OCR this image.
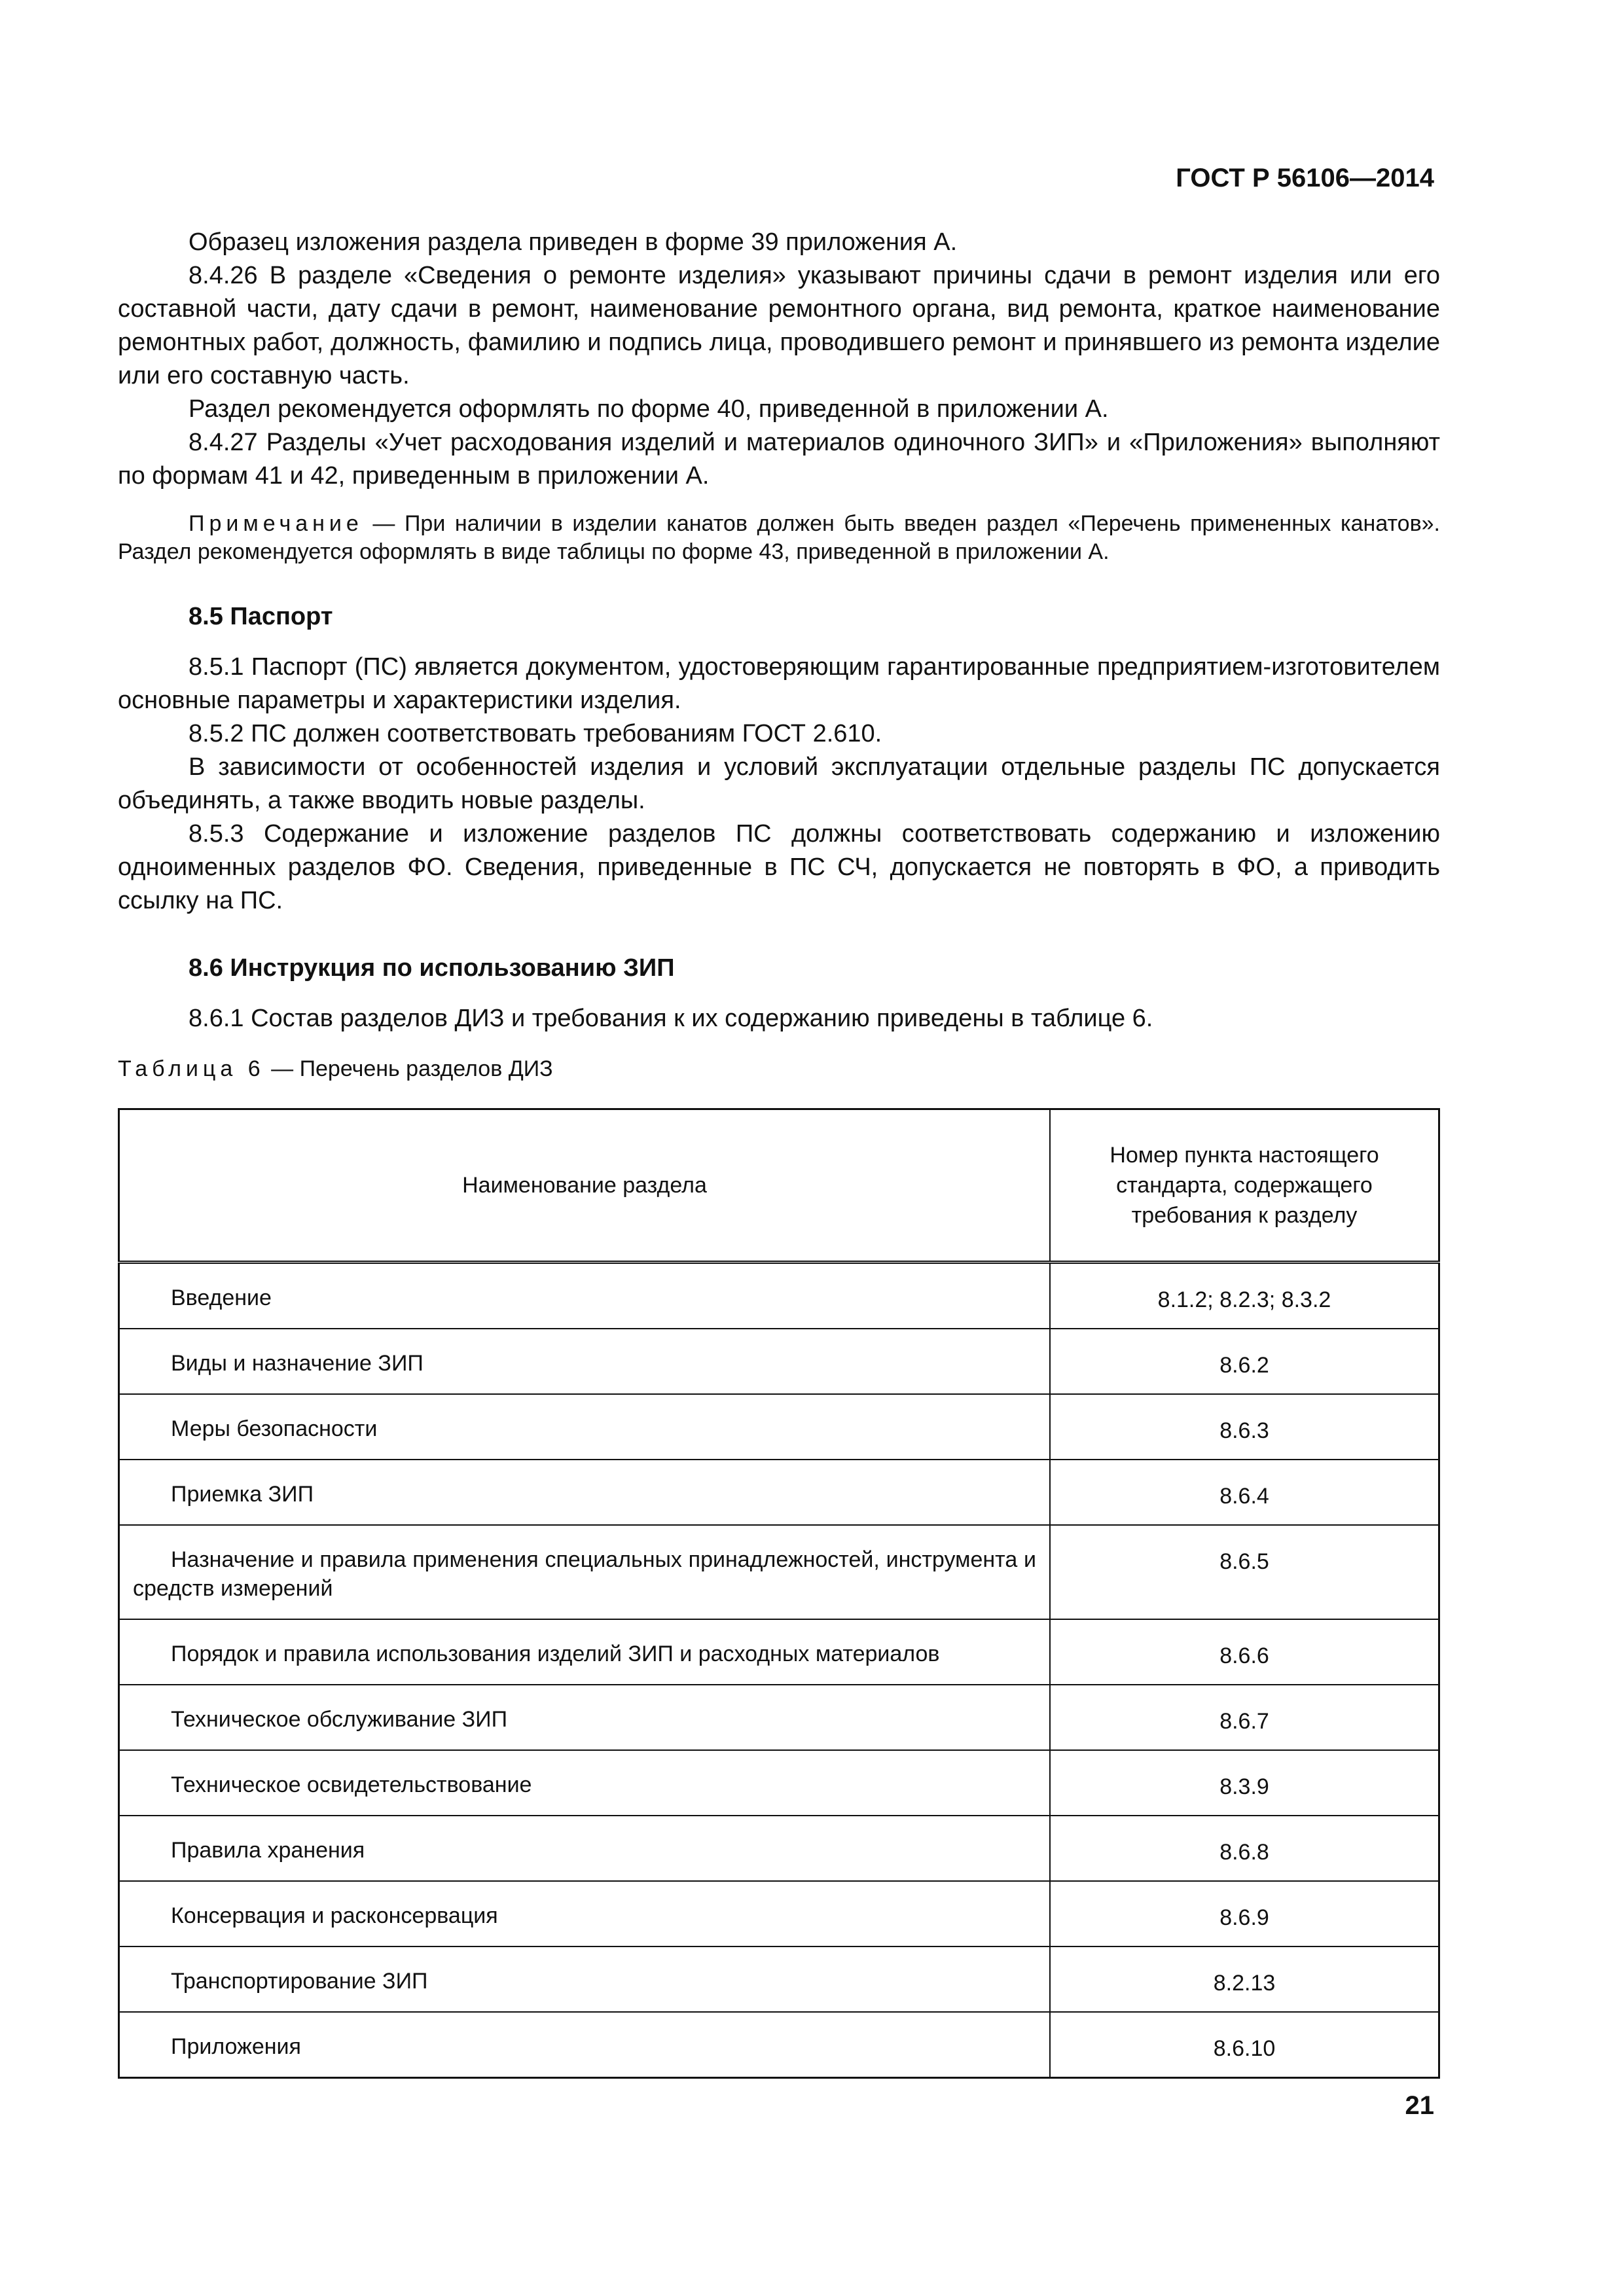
ГОСТ Р 56106—2014

Образец изложения раздела приведен в форме 39 приложения А.

8.4.26 В разделе «Сведения о ремонте изделия» указывают причины сдачи в ремонт изделия или его составной части, дату сдачи в ремонт, наименование ремонтного органа, вид ремонта, краткое наименование ремонтных работ, должность, фамилию и подпись лица, проводившего ремонт и принявшего из ремонта изделие или его составную часть.

Раздел рекомендуется оформлять по форме 40, приведенной в приложении А.

8.4.27 Разделы «Учет расходования изделий и материалов одиночного ЗИП» и «Приложения» выполняют по формам 41 и 42, приведенным в приложении А.

Примечание — При наличии в изделии канатов должен быть введен раздел «Перечень примененных канатов». Раздел рекомендуется оформлять в виде таблицы по форме 43, приведенной в приложении А.

8.5 Паспорт

8.5.1 Паспорт (ПС) является документом, удостоверяющим гарантированные предприятием-изготовителем основные параметры и характеристики изделия.

8.5.2 ПС должен соответствовать требованиям ГОСТ 2.610.

В зависимости от особенностей изделия и условий эксплуатации отдельные разделы ПС допускается объединять, а также вводить новые разделы.

8.5.3 Содержание и изложение разделов ПС должны соответствовать содержанию и изложению одноименных разделов ФО. Сведения, приведенные в ПС СЧ, допускается не повторять в ФО, а приводить ссылку на ПС.

8.6 Инструкция по использованию ЗИП

8.6.1 Состав разделов ДИЗ и требования к их содержанию приведены в таблице 6.

Таблица 6 — Перечень разделов ДИЗ
Наименование раздела	Номер пункта настоящего стандарта, содержащего требования к разделу
Введение	8.1.2; 8.2.3; 8.3.2
Виды и назначение ЗИП	8.6.2
Меры безопасности	8.6.3
Приемка ЗИП	8.6.4
Назначение и правила применения специальных принадлежностей, инструмента и средств измерений	8.6.5
Порядок и правила использования изделий ЗИП и расходных материалов	8.6.6
Техническое обслуживание ЗИП	8.6.7
Техническое освидетельствование	8.3.9
Правила хранения	8.6.8
Консервация и расконсервация	8.6.9
Транспортирование ЗИП	8.2.13
Приложения	8.6.10
21
